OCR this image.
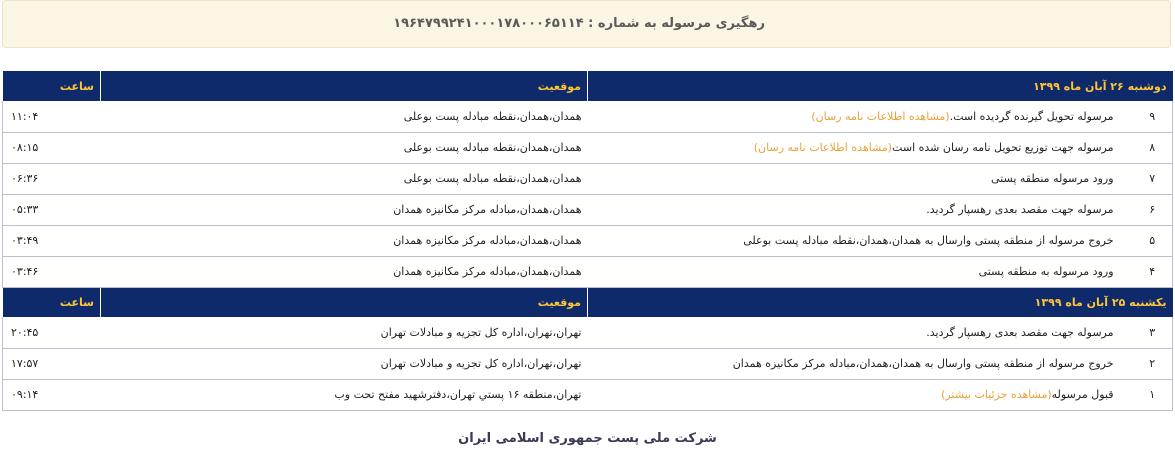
رهگیری مرسوله به شماره : ۱۹۶۴۷۹۹۲۴۱۰۰۰۱۷۸۰۰۰۶۵۱۱۴
دوشنبه ۲۶ آبان ماه ۱۳۹۹		موقعیت	ساعت
۹	مرسوله تحویل گیرنده گردیده است.(مشاهده اطلاعات نامه رسان)	همدان،همدان،نقطه مبادله پست بوعلی	۱۱:۰۴
۸	مرسوله جهت توزیع تحویل نامه رسان شده است(مشاهده اطلاعات نامه رسان)	همدان،همدان،نقطه مبادله پست بوعلی	۰۸:۱۵
۷	ورود مرسوله منطقه پستی	همدان،همدان،نقطه مبادله پست بوعلی	۰۶:۳۶
۶	مرسوله جهت مقصد بعدی رهسپار گردید.	همدان،همدان،مبادله مرکز مکانیزه همدان	۰۵:۳۳
۵	خروج مرسوله از منطقه پستی وارسال به همدان،همدان،نقطه مبادله پست بوعلی	همدان،همدان،مبادله مرکز مکانیزه همدان	۰۳:۴۹
۴	ورود مرسوله به منطقه پستی	همدان،همدان،مبادله مرکز مکانیزه همدان	۰۳:۴۶
یکشنبه ۲۵ آبان ماه ۱۳۹۹		موقعیت	ساعت
۳	مرسوله جهت مقصد بعدی رهسپار گردید.	تهران،تهران،اداره کل تجزیه و مبادلات تهران	۲۰:۴۵
۲	خروج مرسوله از منطقه پستی وارسال به همدان،همدان،مبادله مرکز مکانیزه همدان	تهران،تهران،اداره کل تجزیه و مبادلات تهران	۱۷:۵۷
۱	قبول مرسوله(مشاهده جزئیات بیشتر)	تهران،منطقه ۱۶ پستي تهران،دفترشهید مفتح تحت وب	۰۹:۱۴
شرکت ملی پست جمهوری اسلامی ایران
